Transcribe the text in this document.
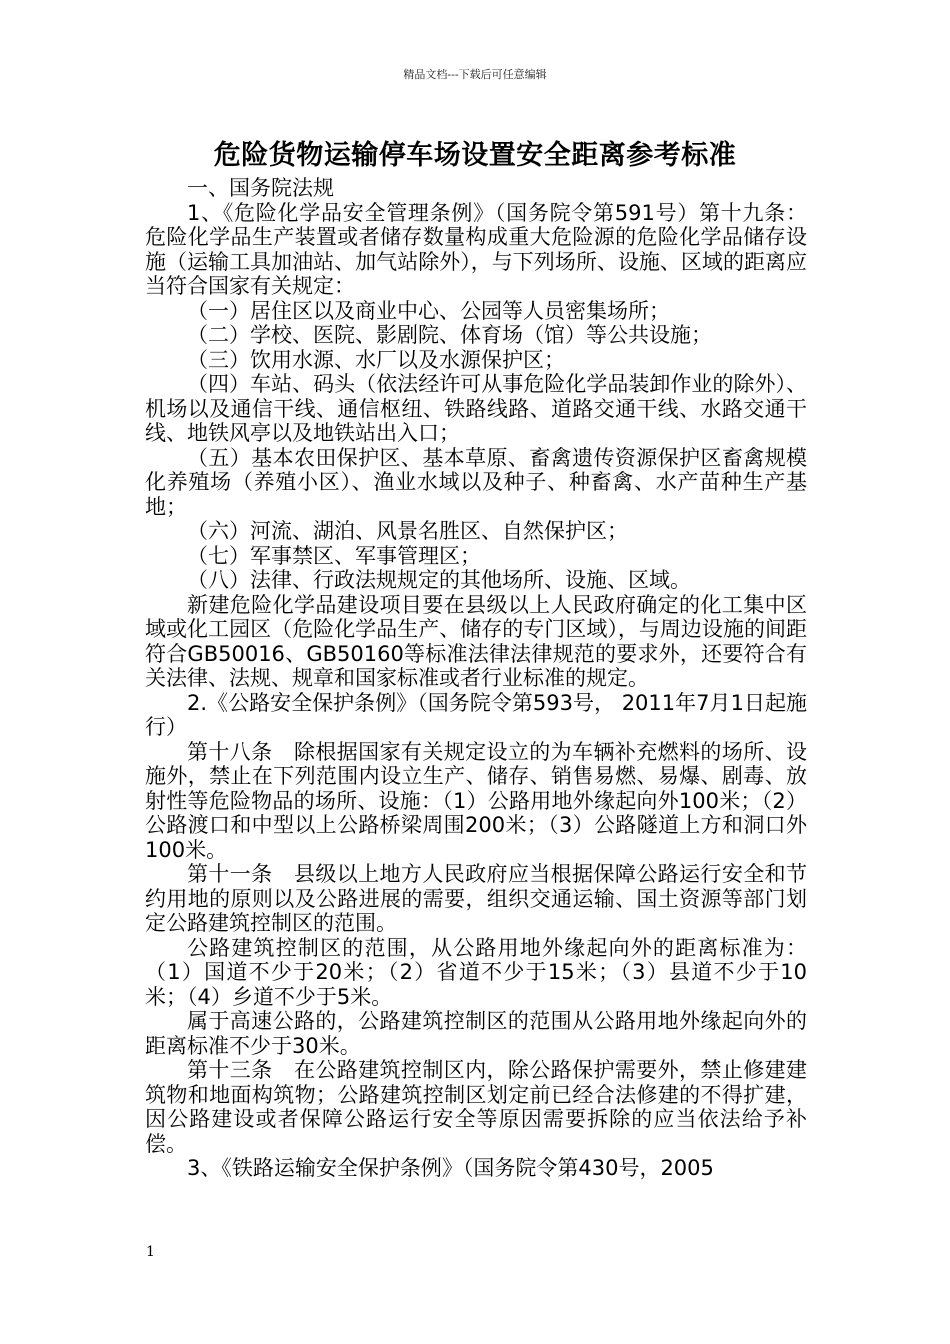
精品文档---下载后可任意编辑
危险货物运输停车场设置安全距离参考标准

一、国务院法规

1、《危险化学品安全管理条例》（国务院令第591号）第十九条：危险化学品生产装置或者储存数量构成重大危险源的危险化学品储存设施（运输工具加油站、加气站除外），与下列场所、设施、区域的距离应当符合国家有关规定：

（一）居住区以及商业中心、公园等人员密集场所；

（二）学校、医院、影剧院、体育场（馆）等公共设施；

（三）饮用水源、水厂以及水源保护区；

（四）车站、码头（依法经许可从事危险化学品装卸作业的除外）、机场以及通信干线、通信枢纽、铁路线路、道路交通干线、水路交通干线、地铁风亭以及地铁站出入口；

（五）基本农田保护区、基本草原、畜禽遗传资源保护区畜禽规模化养殖场（养殖小区）、渔业水域以及种子、种畜禽、水产苗种生产基地；

（六）河流、湖泊、风景名胜区、自然保护区；

（七）军事禁区、军事管理区；

（八）法律、行政法规规定的其他场所、设施、区域。

新建危险化学品建设项目要在县级以上人民政府确定的化工集中区域或化工园区（危险化学品生产、储存的专门区域），与周边设施的间距符合GB50016、GB50160等标准法律法律规范的要求外，还要符合有关法律、法规、规章和国家标准或者行业标准的规定。

2.《公路安全保护条例》（国务院令第593号， 2011年7月1日起施行）

第十八条　除根据国家有关规定设立的为车辆补充燃料的场所、设施外，禁止在下列范围内设立生产、储存、销售易燃、易爆、剧毒、放射性等危险物品的场所、设施：（1）公路用地外缘起向外100米；（2）公路渡口和中型以上公路桥梁周围200米；（3）公路隧道上方和洞口外100米。

第十一条　县级以上地方人民政府应当根据保障公路运行安全和节约用地的原则以及公路进展的需要，组织交通运输、国土资源等部门划定公路建筑控制区的范围。

公路建筑控制区的范围，从公路用地外缘起向外的距离标准为：（1）国道不少于20米；（2）省道不少于15米；（3）县道不少于10米；（4）乡道不少于5米。

属于高速公路的，公路建筑控制区的范围从公路用地外缘起向外的距离标准不少于30米。

第十三条　在公路建筑控制区内，除公路保护需要外，禁止修建建筑物和地面构筑物；公路建筑控制区划定前已经合法修建的不得扩建，因公路建设或者保障公路运行安全等原因需要拆除的应当依法给予补偿。

3、《铁路运输安全保护条例》（国务院令第430号，2005

1
